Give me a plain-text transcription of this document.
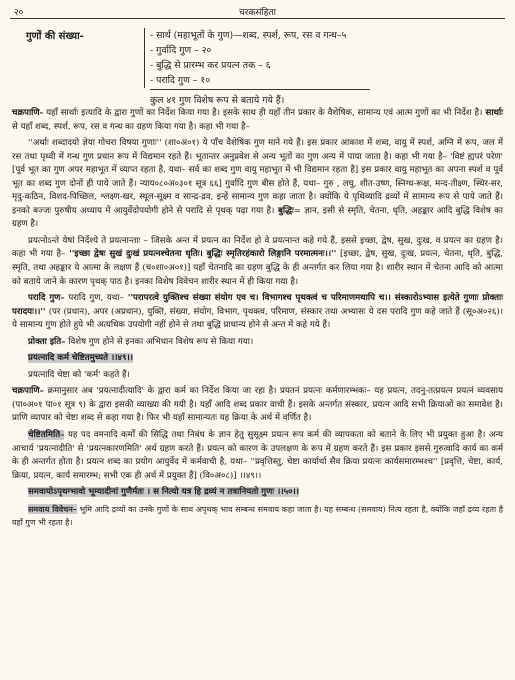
२०	चरकसंहिता
गुणों की संख्या-	- सार्थ (महाभूतों के गुण)—शब्द, स्पर्श, रूप, रस व गन्ध–५
- गुर्वादि गुण – २०
- बुद्धि से प्रारम्भ कर प्रयत्न तक – ६
- परादि गुण – १०
कुल ४१ गुण विशेष रूप से बताये गये हैं।

चक्रपाणि- यहाँ सार्थाः इत्यादि के द्वारा गुणों का निर्देश किया गया है। इसके साथ ही यहाँ तीन प्रकार के वैशेषिक, सामान्य एवं आत्म गुणों का भी निर्देश है। सार्थाः से यहाँ शब्द, स्पर्श, रूप, रस व गन्ध का ग्रहण किया गया है। कहा भी गया है–

''अर्थाः शब्दादयो ज्ञेया गोचरा विषया गुणाः'' (शा०अ०१) ये पाँच वैशेषिक गुण माने गये हैं। इस प्रकार आकाश में शब्द, वायु में स्पर्श, अग्नि में रूप, जल में रस तथा पृथ्वी में गन्ध गुण प्रधान रूप में विद्यमान रहते हैं। भूतान्तर अनुप्रवेश से अन्य भूतों का गुण अन्य में पाया जाता है। कहा भी गया है– 'विष्टं ह्यपरं परेण' [पूर्व भूत का गुण अपर महाभूत में व्याप्त रहता है, यथा– सर्व का शब्द गुण वायु महाभूत में भी विद्यमान रहता है] इस प्रकार वायु महाभूत का अपना स्पर्श व पूर्व भूत का शब्द गुण दोनों ही पाये जाते हैं। न्याय०८०अ०३०१ सूत्र ६६] गुर्वादि गुण बीस होते हैं, यथा– गुरु , लघु, शीत-उष्ण, स्निग्ध-रूक्ष, मन्द-तीक्ष्ण, स्थिर-सर, मृदु-कठिन, विशद-पिच्छिल, श्लक्ष्ण-खर, स्थूल-सूक्ष्म व सान्द्र-द्रव, इन्हें सामान्य गुण कहा जाता है। क्योंकि ये पृथिव्यादि द्रव्यों में सामान्य रूप से पाये जाते हैं। इनको बज्जः पुरुषीय अध्याय में आयुर्वेदोपयोगी होने से परादि से पृथक् पढ़ा गया है। बुद्धिः= ज्ञान, इसी से स्मृति, चेतना, धृति, अहङ्कार आदि बुद्धि विशेष का ग्रहण है।

प्रयत्नोऽन्ते येषां निर्देश्ये ते प्रयत्नान्ताः – जिसके अन्त में प्रयत्न का निर्देश हो वे प्रयत्नान्त कहे गये हैं, इससे इच्छा, द्वेष, सुख, दुःख, व प्रयत्न का ग्रहण है। कहा भी गया है– ''इच्छा द्वेषः सुखं दुःखं प्रयत्नश्चेतना धृतिः। बुद्धिः स्मृतिरहंकारो लिङ्गानि परमात्मनः।।'' [इच्छा, द्वेष, सुख, दुःख, प्रयत्न, चेतना, धृति, बुद्धि, स्मृति, तथा अहङ्कार ये आत्मा के लक्षण हैं (च०शा०अ०१)] यहाँ चेतनादि का ग्रहण बुद्धि के ही अन्तर्गत कर लिया गया है। शारीर स्थान में चेतना आदि को आत्मा को बताये जाने के कारण पृथक् पाठ है। इनका विशेष विवेचन शारीर स्थान में ही किया गया है।

परादि गुण– परादि गुण, यथा– ''परापरत्वे युक्तिश्च संख्या संयोग एव च। विभागश्च पृथक्त्वं च परिमाणमथापि च।। संस्कारोऽभ्यास इत्येते गुणाः प्रोक्ताः परादयः।।'' (पर (प्रधान), अपर (अप्रधान), युक्ति, संख्या, संयोग, विभाग, पृथक्त्व, परिमाण, संस्कार तथा अभ्यासः ये दस परादि गुण कहे जाते हैं (सू०अ०२६)। ये सामान्य गुण होते हुये भी अत्यधिक उपयोगी नहीं होने से तथा बुद्धि प्राधान्य होने से अन्त में कहे गये हैं।

प्रोक्ता इति– विशेष गुण होने से इनका अभिधान विशेष रूप से किया गया।

प्रयत्नादि कर्म चेष्टितमुच्यते ।।४९।।

प्रयत्नादि चेष्टा को 'कर्म' कहते हैं।

चक्रपाणि– क्रमानुसार अब 'प्रयत्नादीत्यादि' के द्वारा कर्म का निर्देश किया जा रहा है। प्रयतनं प्रयत्नः कर्मणारम्भकः– यह प्रयत्न, तदनु-तत्प्रयत्न प्रयत्नं व्यवसाय (पा०अ०१ पा०१ सूत्र ९) के द्वारा इसकी व्याख्या की गयी है। यहाँ आदि शब्द प्रकार वाची हैं। इसके अन्तर्गत संस्कार, प्रयत्न आदि सभी क्रियाओं का समावेश है। प्राणि व्यापार को चेष्टा शब्द से कहा गया है। फिर भी यहाँ सामान्यतः यह क्रिया के अर्थ में वर्णित है।

चेष्टितमिति– यह पद वमनादि कर्मों की सिद्धि तथा निबंध के ज्ञान हेतु सुसूक्ष्म प्रयत्न रूप कर्म की व्यापकता को बताने के लिए भी प्रयुक्त हुआ है। अन्य आचार्य 'प्रयत्नादीति' से 'प्रयत्नकारणमिति' अर्थ ग्रहण करते हैं। प्रयत्न को कारण के उपलक्षण के रूप में ग्रहण करते हैं। इस प्रकार इससे गुरुत्वादि कार्य का कर्म के ही अन्तर्गत होता है। प्रयत्न शब्द का प्रयोग आयुर्वेद में कर्मवाची है, यथा– ''प्रवृत्तिस्तु, चेष्टा कार्यार्था सैव क्रिया प्रयत्नः कार्यसमारम्भश्च'' [प्रवृत्ति, चेष्टा, कार्य, क्रिया, प्रयत्न, कार्य समारम्भ; सभी एक ही अर्थ में प्रयुक्त हैं] (वि०अ०८)] ।।४९।।

समवायोऽपृथग्भावो भूम्यादीनां गुणैर्मतः । स नित्यो यत्र हि द्रव्यं न तत्रानियतो गुणः ।।५०।।

समवाय विवेचन– भूमि आदि द्रव्यों का उनके गुणों के साथ अपृथक् भाव सम्बन्ध समवाय कहा जाता है। यह सम्बन्ध (समवाय) नित्य रहता है, क्योंकि जहाँ द्रव्य रहता है वहाँ गुण भी रहता है।
